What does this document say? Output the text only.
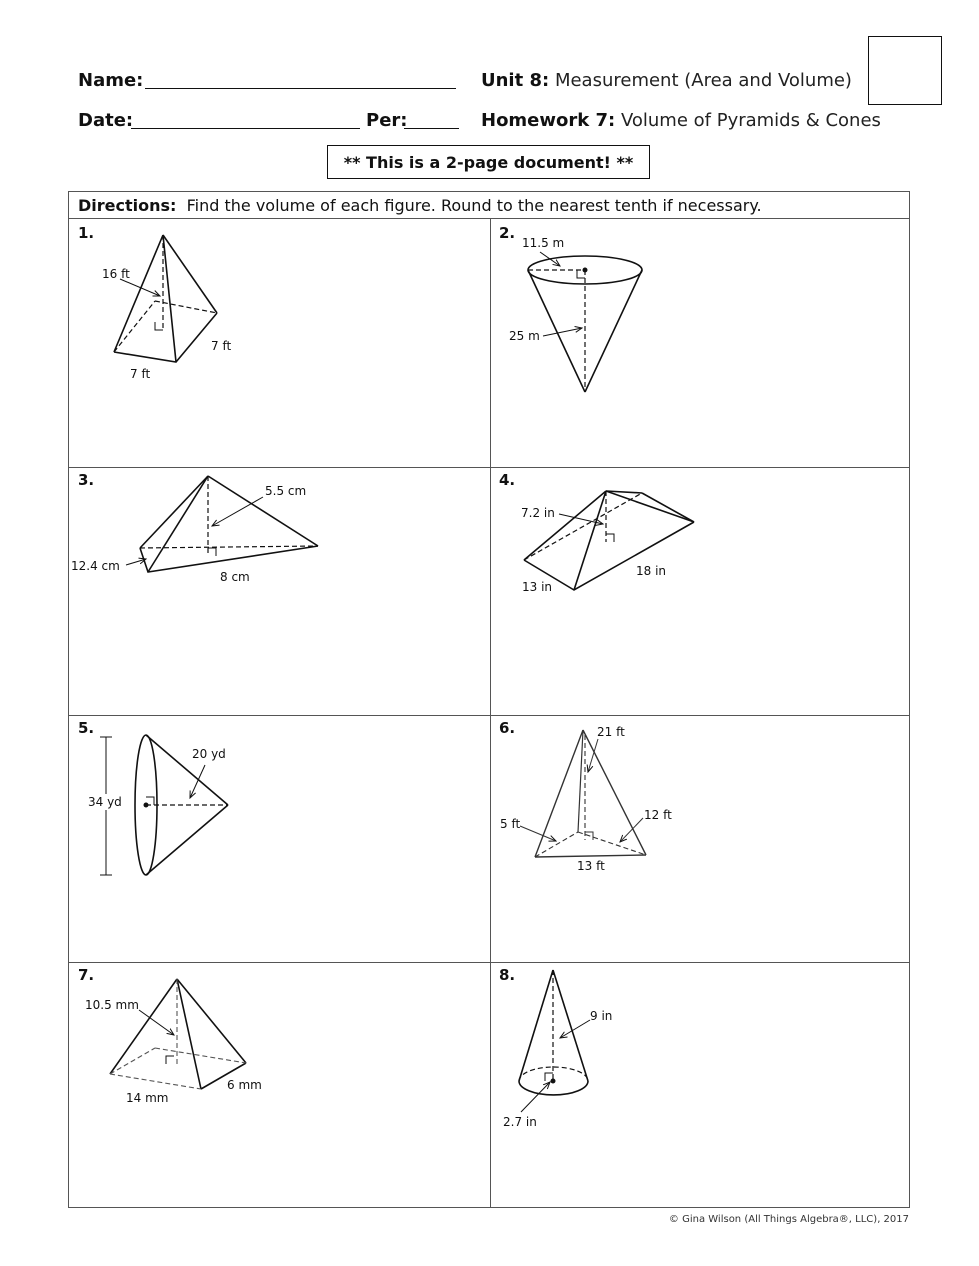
Name:
Date:	Per:
Unit 8: Measurement (Area and Volume)
Homework 7: Volume of Pyramids & Cones
** This is a 2-page document! **
Directions: Find the volume of each figure. Round to the nearest tenth if necessary.
1.	2.
3.	4.
5.	6.
7.	8.
16 ft
7 ft
7 ft
11.5 m
25 m
5.5 cm
12.4 cm
8 cm
7.2 in
18 in
13 in
20 yd
34 yd
21 ft
5 ft
12 ft
13 ft
10.5 mm
6 mm
14 mm
9 in
2.7 in
© Gina Wilson (All Things Algebra®, LLC), 2017
